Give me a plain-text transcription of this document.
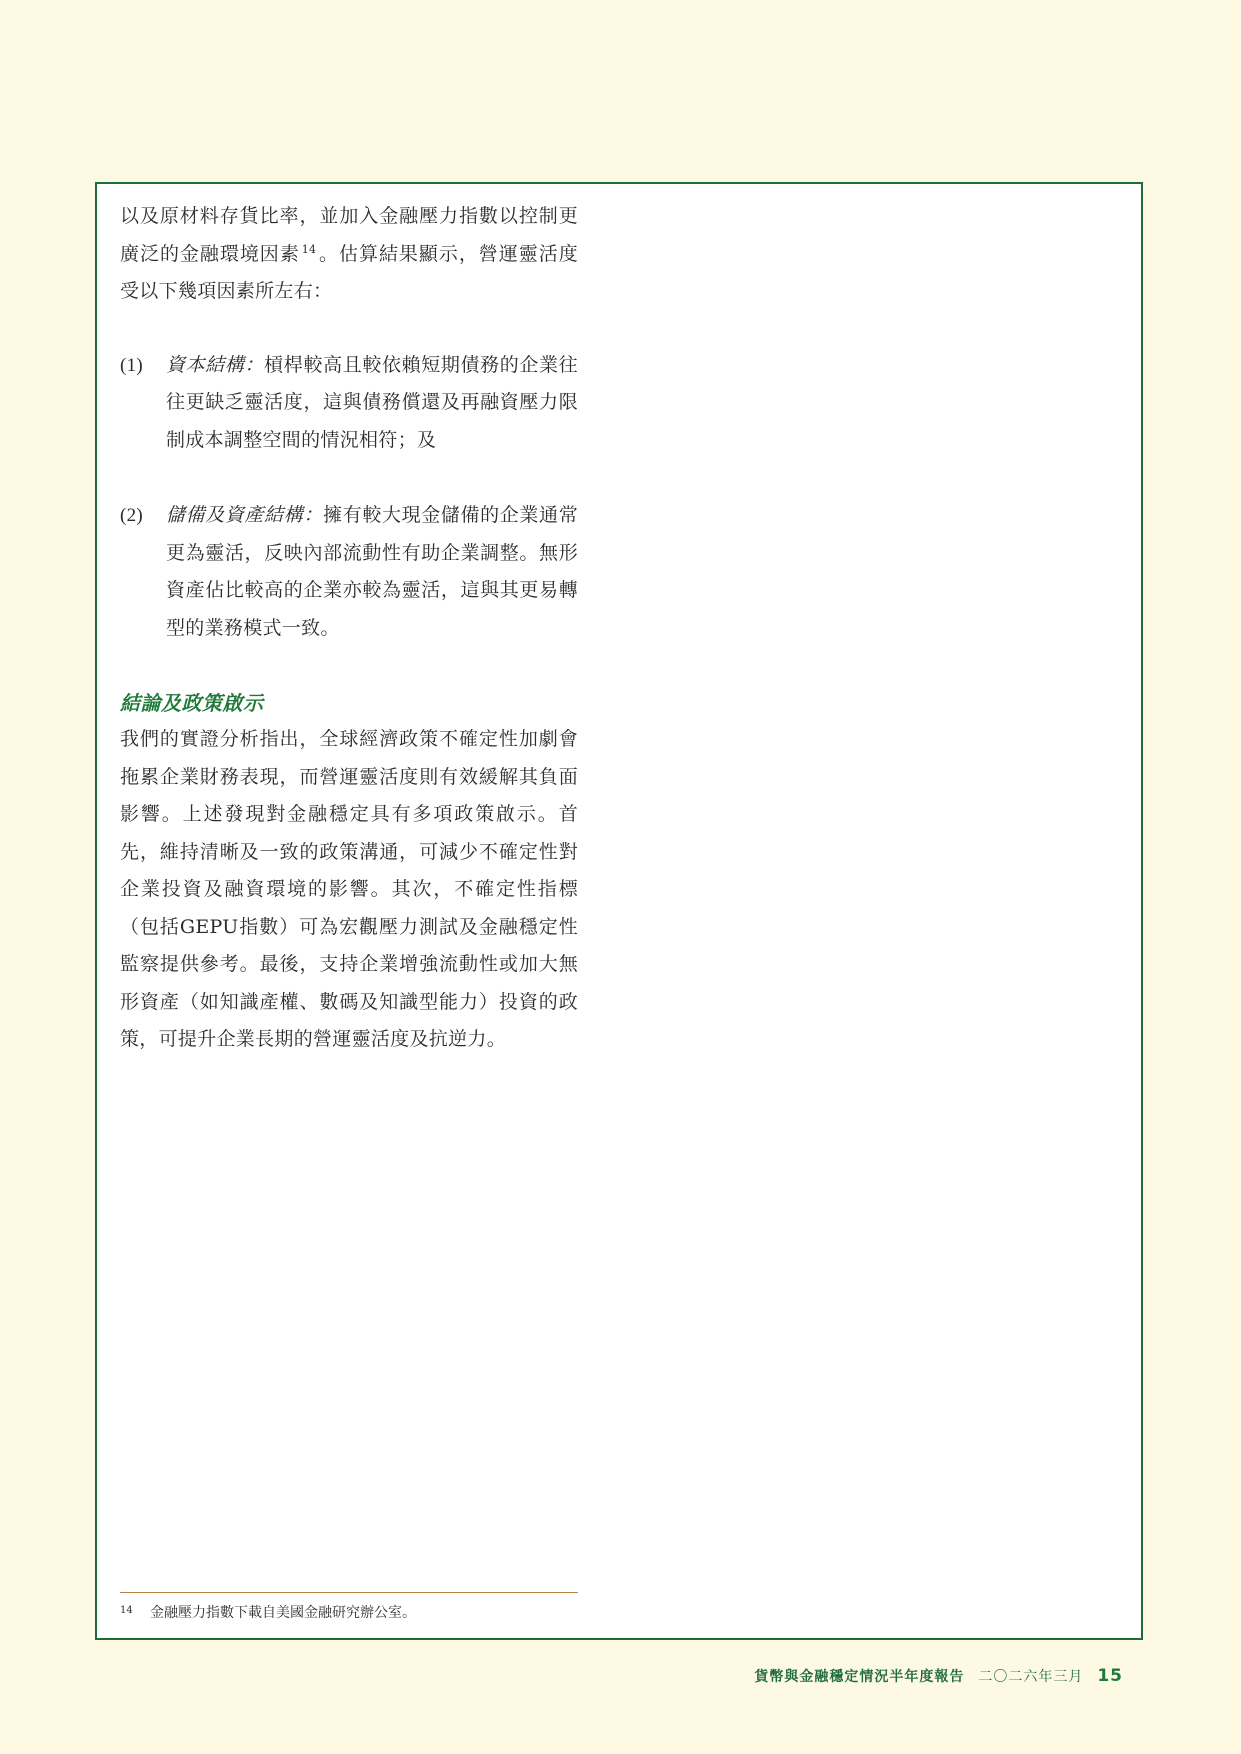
以及原材料存貨比率，並加入金融壓力指數以控制更廣泛的金融環境因素 $^{14}$ 。估算結果顯示，營運靈活度受以下幾項因素所左右：

(1) 資本結構：槓桿較高且較依賴短期債務的企業往往更缺乏靈活度，這與債務償還及再融資壓力限制成本調整空間的情況相符；及
(2) 儲備及資產結構：擁有較大現金儲備的企業通常更為靈活，反映內部流動性有助企業調整。無形資產佔比較高的企業亦較為靈活，這與其更易轉型的業務模式一致。
結論及政策啟示

我們的實證分析指出，全球經濟政策不確定性加劇會拖累企業財務表現，而營運靈活度則有效緩解其負面影響。上述發現對金融穩定具有多項政策啟示。首先，維持清晰及一致的政策溝通，可減少不確定性對企業投資及融資環境的影響。其次，不確定性指標（包括GEPU指數）可為宏觀壓力測試及金融穩定性監察提供參考。最後，支持企業增強流動性或加大無形資產（如知識產權、數碼及知識型能力）投資的政策，可提升企業長期的營運靈活度及抗逆力。

14 金融壓力指數下載自美國金融研究辦公室。
貨幣與金融穩定情況半年度報告 二〇二六年三月 15
